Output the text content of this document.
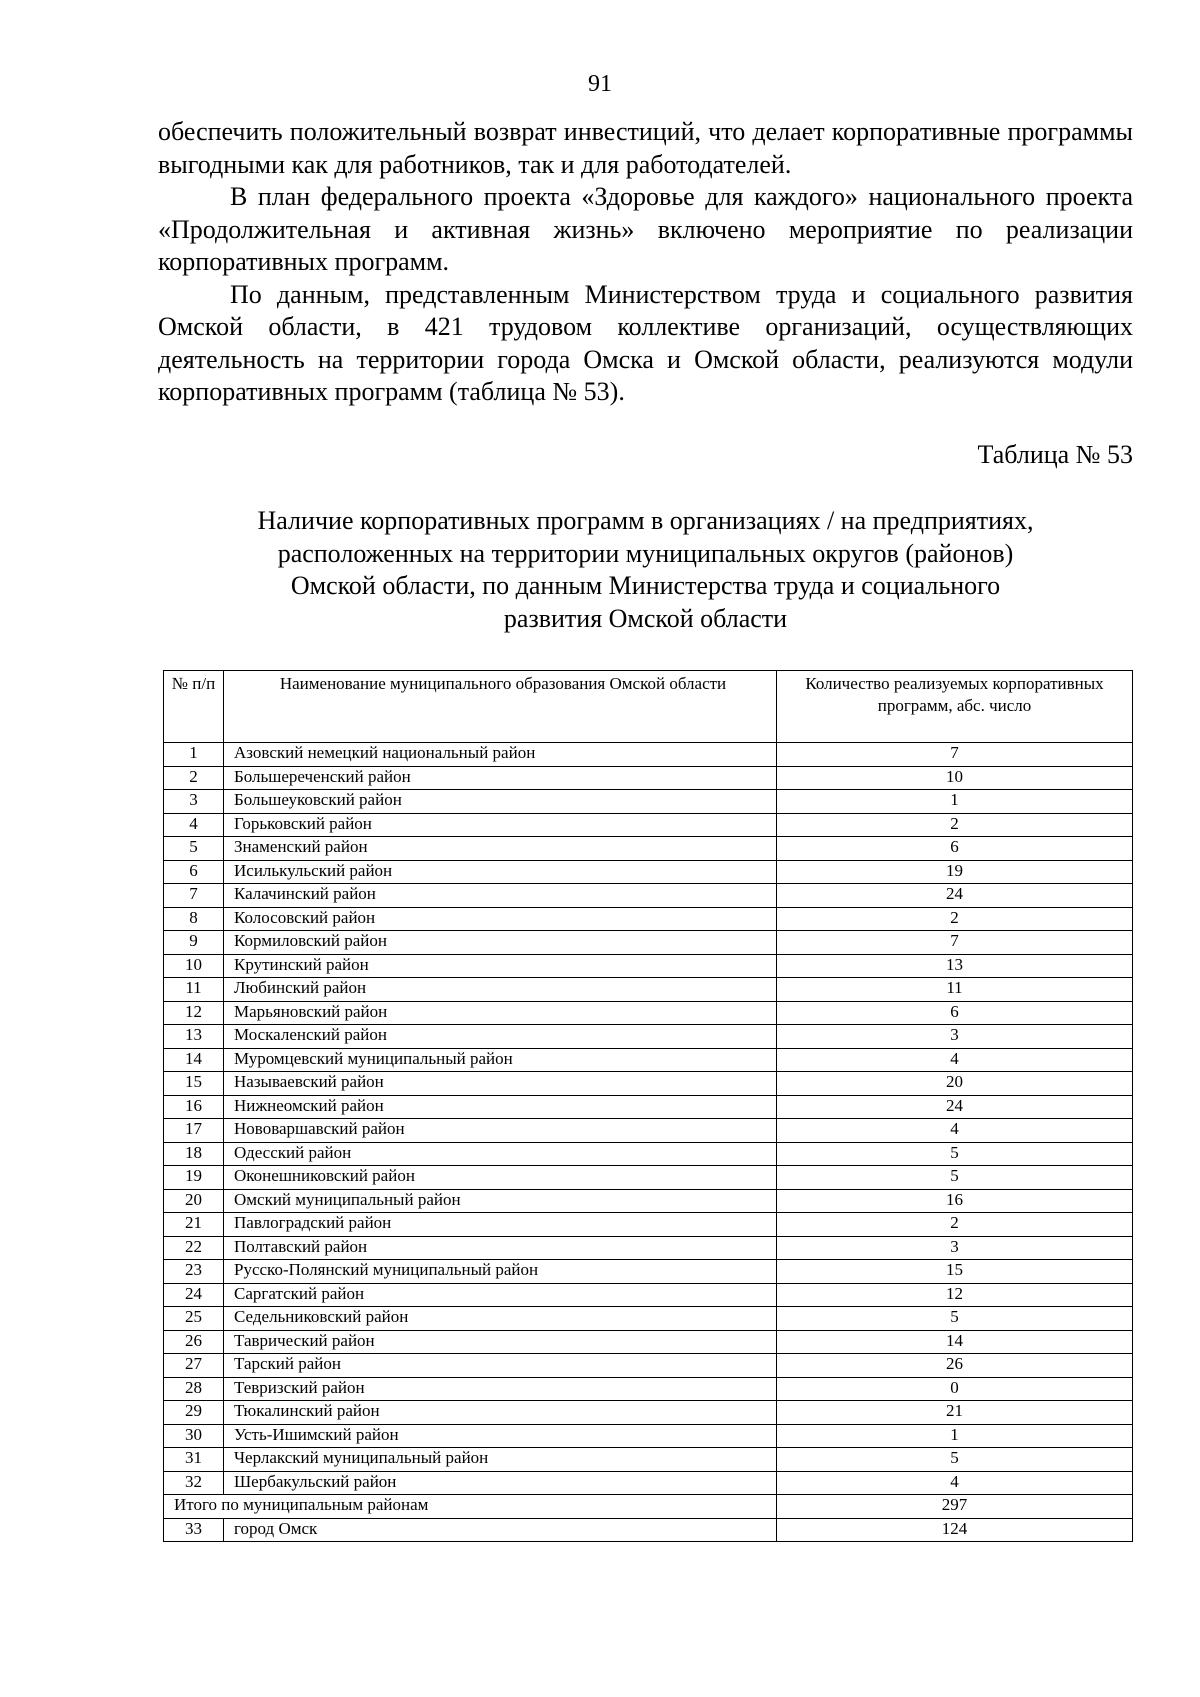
91

обеспечить положительный возврат инвестиций, что делает корпоративные программы выгодными как для работников, так и для работодателей.

В план федерального проекта «Здоровье для каждого» национального проекта «Продолжительная и активная жизнь» включено мероприятие по реализации корпоративных программ.

По данным, представленным Министерством труда и социального развития Омской области, в 421 трудовом коллективе организаций, осуществляющих деятельность на территории города Омска и Омской области, реализуются модули корпоративных программ (таблица № 53).

Таблица № 53
Наличие корпоративных программ в организациях / на предприятиях,
расположенных на территории муниципальных округов (районов)
Омской области, по данным Министерства труда и социального
развития Омской области
№ п/п	Наименование муниципального образования Омской области	Количество реализуемых корпоративных программ, абс. число
1	Азовский немецкий национальный район	7
2	Большереченский район	10
3	Большеуковский район	1
4	Горьковский район	2
5	Знаменский район	6
6	Исилькульский район	19
7	Калачинский район	24
8	Колосовский район	2
9	Кормиловский район	7
10	Крутинский район	13
11	Любинский район	11
12	Марьяновский район	6
13	Москаленский район	3
14	Муромцевский муниципальный район	4
15	Называевский район	20
16	Нижнеомский район	24
17	Нововаршавский район	4
18	Одесский район	5
19	Оконешниковский район	5
20	Омский муниципальный район	16
21	Павлоградский район	2
22	Полтавский район	3
23	Русско-Полянский муниципальный район	15
24	Саргатский район	12
25	Седельниковский район	5
26	Таврический район	14
27	Тарский район	26
28	Тевризский район	0
29	Тюкалинский район	21
30	Усть-Ишимский район	1
31	Черлакский муниципальный район	5
32	Шербакульский район	4
Итого по муниципальным районам		297
33	город Омск	124
